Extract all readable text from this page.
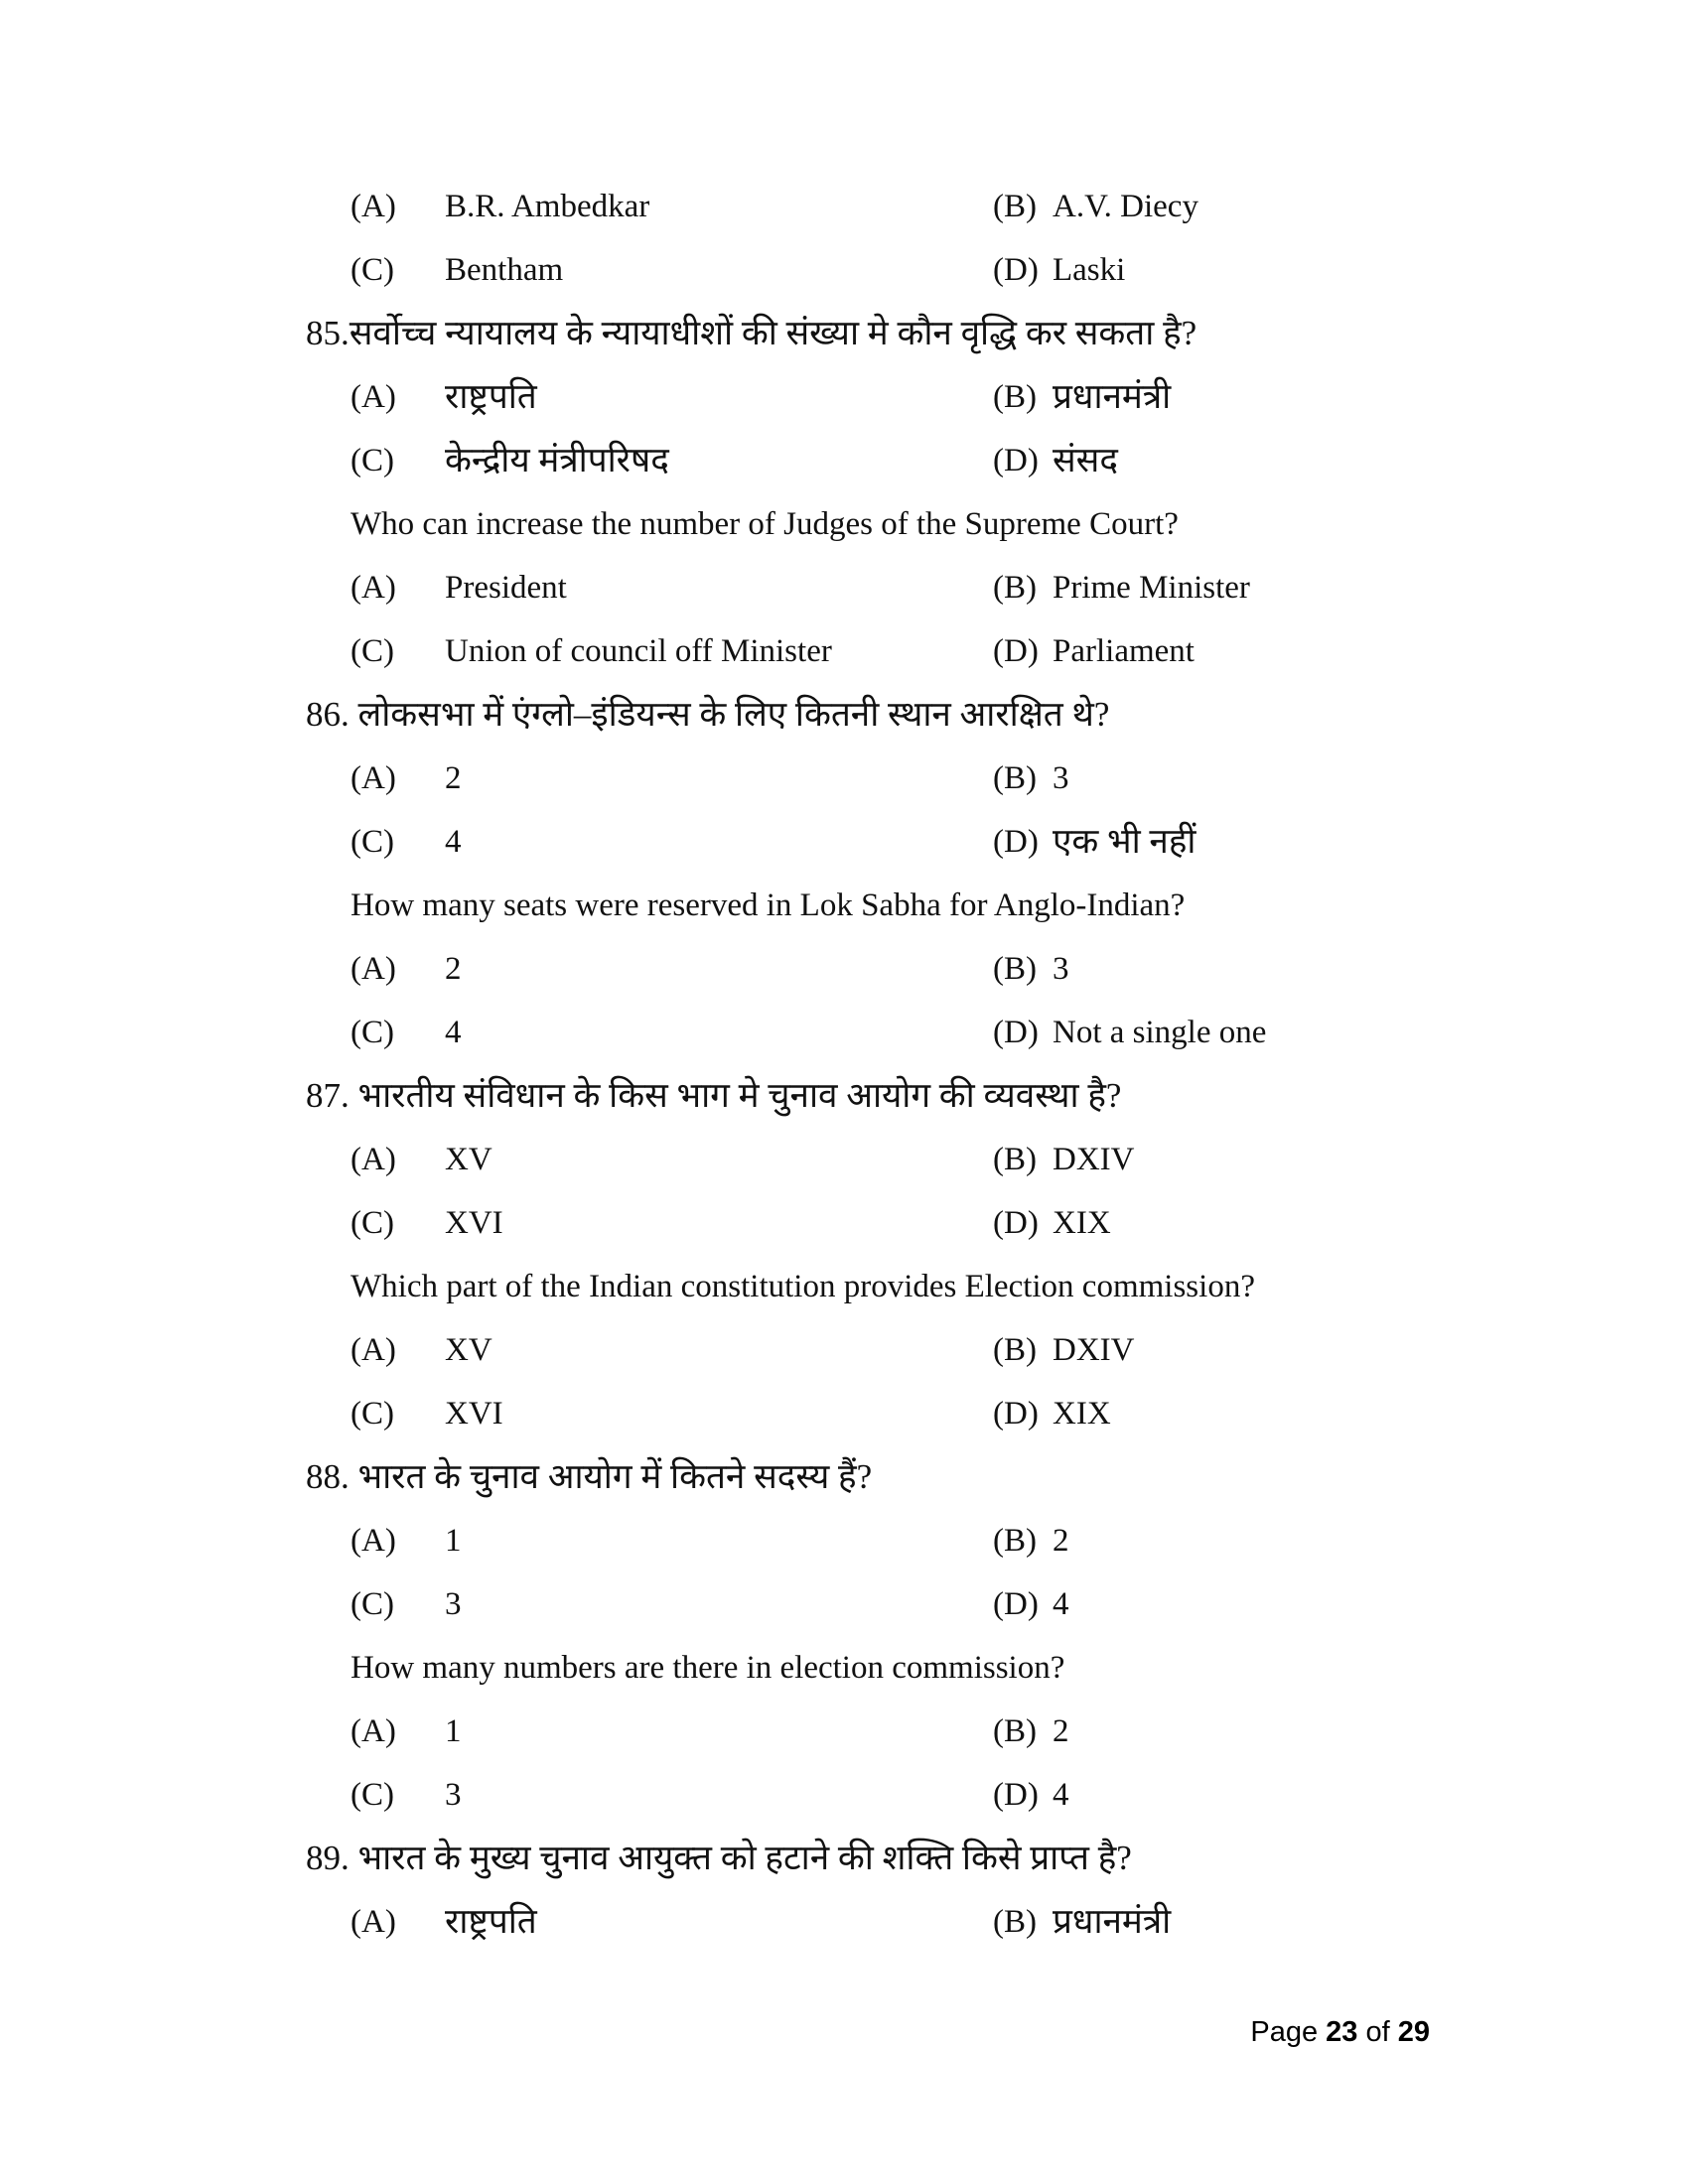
(A) B.R. Ambedkar	(B) A.V. Diecy
(C) Bentham	(D) Laski
85.सर्वोच्च न्यायालय के न्यायाधीशों की संख्या मे कौन वृद्धि कर सकता है?
(A) राष्ट्रपति	(B) प्रधानमंत्री
(C) केन्द्रीय मंत्रीपरिषद	(D) संसद
Who can increase the number of Judges of the Supreme Court?
(A) President	(B) Prime Minister
(C) Union of council off Minister	(D) Parliament
86. लोकसभा में एंग्लो–इंडियन्स के लिए कितनी स्थान आरक्षित थे?
(A) 2	(B) 3
(C) 4	(D) एक भी नहीं
How many seats were reserved in Lok Sabha for Anglo-Indian?
(A) 2	(B) 3
(C) 4	(D) Not a single one
87. भारतीय संविधान के किस भाग मे चुनाव आयोग की व्यवस्था है?
(A) XV	(B) DXIV
(C) XVI	(D) XIX
Which part of the Indian constitution provides Election commission?
(A) XV	(B) DXIV
(C) XVI	(D) XIX
88. भारत के चुनाव आयोग में कितने सदस्य हैं?
(A) 1	(B) 2
(C) 3	(D) 4
How many numbers are there in election commission?
(A) 1	(B) 2
(C) 3	(D) 4
89. भारत के मुख्य चुनाव आयुक्त को हटाने की शक्ति किसे प्राप्त है?
(A) राष्ट्रपति	(B) प्रधानमंत्री
Page 23 of 29
